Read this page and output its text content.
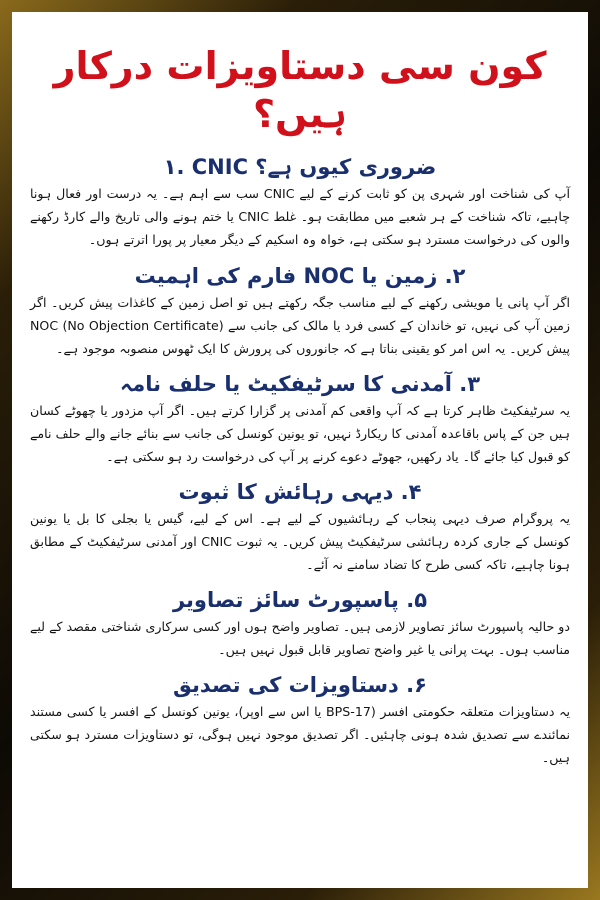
کون سی دستاویزات درکار ہیں؟
۱. CNIC ضروری کیوں ہے؟

آپ کی شناخت اور شہری پن کو ثابت کرنے کے لیے CNIC سب سے اہم ہے۔ یہ درست اور فعال ہونا چاہیے، تاکہ شناخت کے ہر شعبے میں مطابقت ہو۔ غلط CNIC یا ختم ہونے والی تاریخ والے کارڈ رکھنے والوں کی درخواست مسترد ہو سکتی ہے، خواہ وہ اسکیم کے دیگر معیار پر پورا اترتے ہوں۔

۲. زمین یا NOC فارم کی اہمیت

اگر آپ پانی یا مویشی رکھنے کے لیے مناسب جگہ رکھتے ہیں تو اصل زمین کے کاغذات پیش کریں۔ اگر زمین آپ کی نہیں، تو خاندان کے کسی فرد یا مالک کی جانب سے NOC (No Objection Certificate) پیش کریں۔ یہ اس امر کو یقینی بناتا ہے کہ جانوروں کی پرورش کا ایک ٹھوس منصوبہ موجود ہے۔

۳. آمدنی کا سرٹیفکیٹ یا حلف نامہ

یہ سرٹیفکیٹ ظاہر کرتا ہے کہ آپ واقعی کم آمدنی پر گزارا کرتے ہیں۔ اگر آپ مزدور یا چھوٹے کسان ہیں جن کے پاس باقاعدہ آمدنی کا ریکارڈ نہیں، تو یونین کونسل کی جانب سے بنائے جانے والے حلف نامے کو قبول کیا جائے گا۔ یاد رکھیں، جھوٹے دعوے کرنے پر آپ کی درخواست رد ہو سکتی ہے۔

۴. دیہی رہائش کا ثبوت

یہ پروگرام صرف دیہی پنجاب کے رہائشیوں کے لیے ہے۔ اس کے لیے، گیس یا بجلی کا بل یا یونین کونسل کے جاری کردہ رہائشی سرٹیفکیٹ پیش کریں۔ یہ ثبوت CNIC اور آمدنی سرٹیفکیٹ کے مطابق ہونا چاہیے، تاکہ کسی طرح کا تضاد سامنے نہ آئے۔

۵. پاسپورٹ سائز تصاویر

دو حالیہ پاسپورٹ سائز تصاویر لازمی ہیں۔ تصاویر واضح ہوں اور کسی سرکاری شناختی مقصد کے لیے مناسب ہوں۔ بہت پرانی یا غیر واضح تصاویر قابل قبول نہیں ہیں۔

۶. دستاویزات کی تصدیق

یہ دستاویزات متعلقہ حکومتی افسر (BPS-17 یا اس سے اوپر)، یونین کونسل کے افسر یا کسی مستند نمائندے سے تصدیق شدہ ہونی چاہئیں۔ اگر تصدیق موجود نہیں ہوگی، تو دستاویزات مسترد ہو سکتی ہیں۔
